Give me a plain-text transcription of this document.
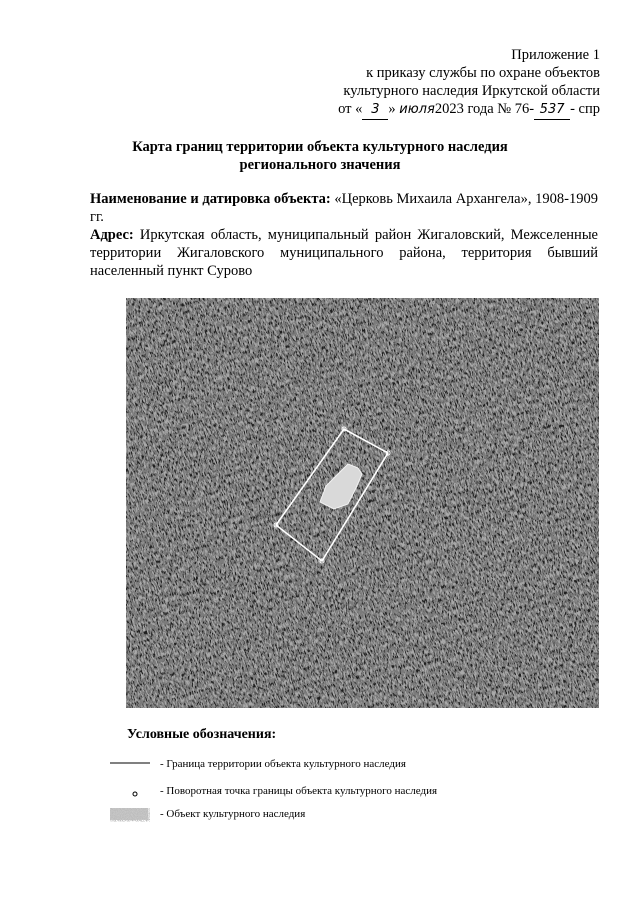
Приложение 1
к приказу службы по охране объектов
культурного наследия Иркутской области
от « 3 » июля2023 года № 76- 537 - спр
Карта границ территории объекта культурного наследия
регионального значения

Наименование и датировка объекта: «Церковь Михаила Архангела», 1908-1909 гг.

Адрес: Иркутская область, муниципальный район Жигаловский, Межселенные территории Жигаловского муниципального района, территория бывший населенный пункт Сурово

Условные обозначения:
- Граница территории объекта культурного наследия
- Поворотная точка границы объекта культурного наследия
- Объект культурного наследия
